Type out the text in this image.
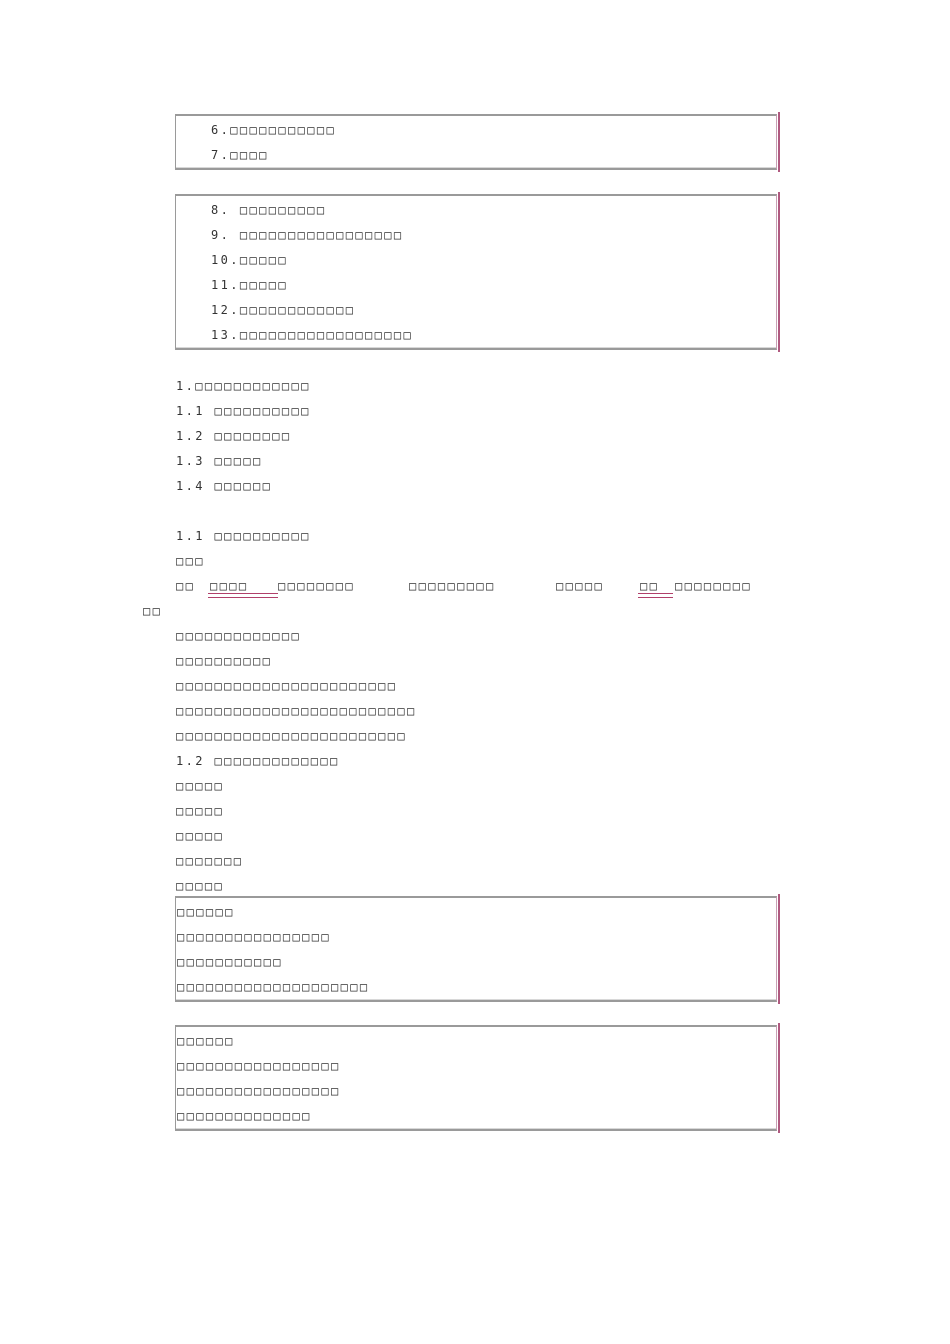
6.□□□□□□□□□□□
7.□□□□
8. □□□□□□□□□
9. □□□□□□□□□□□□□□□□□
10.□□□□□
11.□□□□□
12.□□□□□□□□□□□□
13.□□□□□□□□□□□□□□□□□□
1.□□□□□□□□□□□□
1.1 □□□□□□□□□□
1.2 □□□□□□□□
1.3 □□□□□
1.4 □□□□□□
1.1 □□□□□□□□□□
□□□
□□ □□□□ □□□□□□□□	□□□□□□□□□	□□□□□	□□ □□□□□□□□
□□
□□□□□□□□□□□□□
□□□□□□□□□□
□□□□□□□□□□□□□□□□□□□□□□□
□□□□□□□□□□□□□□□□□□□□□□□□□
□□□□□□□□□□□□□□□□□□□□□□□□
1.2 □□□□□□□□□□□□□
□□□□□
□□□□□
□□□□□
□□□□□□□
□□□□□
□□□□□□
□□□□□□□□□□□□□□□□
□□□□□□□□□□□
□□□□□□□□□□□□□□□□□□□□
□□□□□□
□□□□□□□□□□□□□□□□□
□□□□□□□□□□□□□□□□□
□□□□□□□□□□□□□□
